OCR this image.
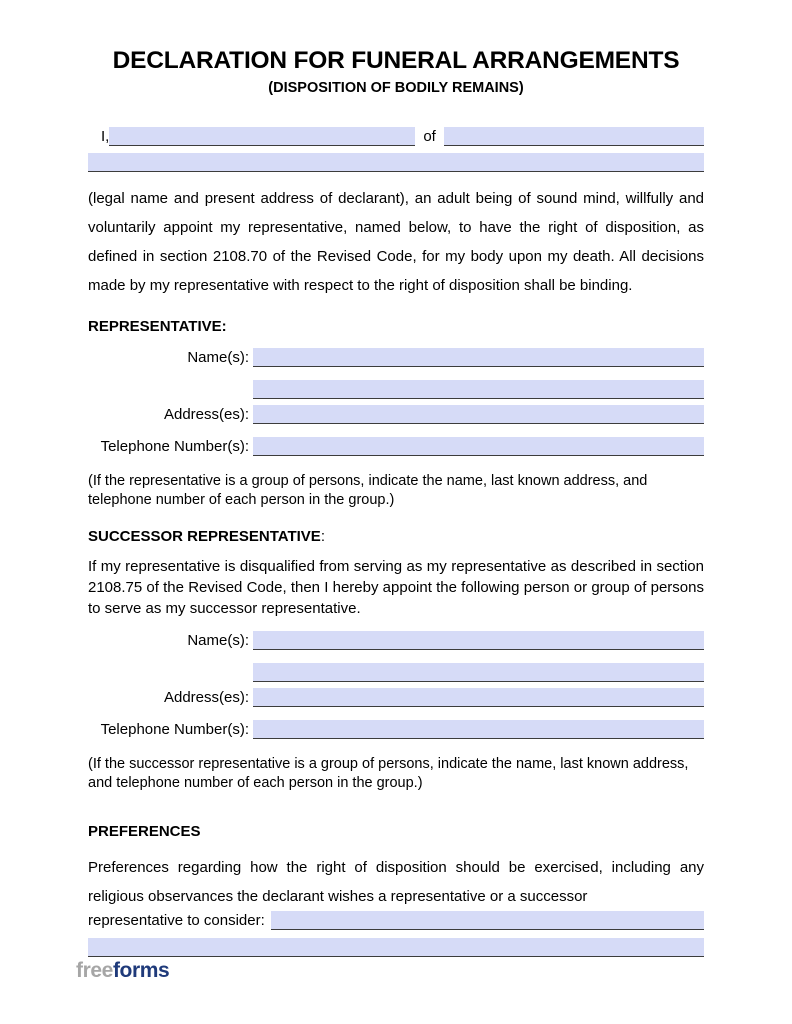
DECLARATION FOR FUNERAL ARRANGEMENTS

(DISPOSITION OF BODILY REMAINS)

I,	of

(legal name and present address of declarant), an adult being of sound mind, willfully and voluntarily appoint my representative, named below, to have the right of disposition, as defined in section 2108.70 of the Revised Code, for my body upon my death. All decisions made by my representative with respect to the right of disposition shall be binding.

REPRESENTATIVE:
Name(s):
Address(es):
Telephone Number(s):

(If the representative is a group of persons, indicate the name, last known address, and telephone number of each person in the group.)

SUCCESSOR REPRESENTATIVE:

If my representative is disqualified from serving as my representative as described in section 2108.75 of the Revised Code, then I hereby appoint the following person or group of persons to serve as my successor representative.

Name(s):
Address(es):
Telephone Number(s):

(If the successor representative is a group of persons, indicate the name, last known address, and telephone number of each person in the group.)

PREFERENCES

Preferences regarding how the right of disposition should be exercised, including any religious observances the declarant wishes a representative or a successor

representative to consider:
freeforms
